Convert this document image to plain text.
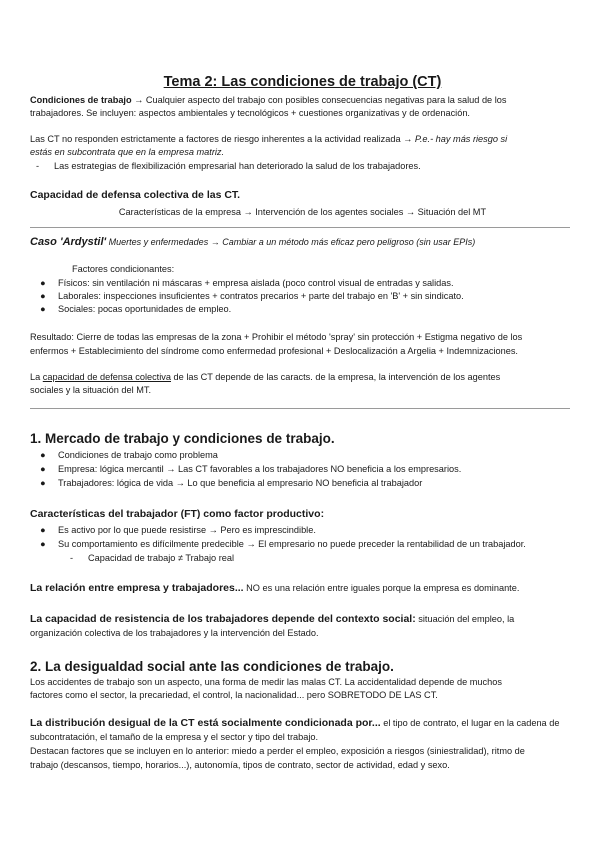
Tema 2: Las condiciones de trabajo (CT)
Condiciones de trabajo → Cualquier aspecto del trabajo con posibles consecuencias negativas para la salud de los
trabajadores. Se incluyen: aspectos ambientales y tecnológicos + cuestiones organizativas y de ordenación.
Las CT no responden estrictamente a factores de riesgo inherentes a la actividad realizada → P.e.- hay más riesgo si
estás en subcontrata que en la empresa matriz.
- Las estrategias de flexibilización empresarial han deteriorado la salud de los trabajadores.
Capacidad de defensa colectiva de las CT.
Características de la empresa → Intervención de los agentes sociales → Situación del MT
Caso 'Ardystil' Muertes y enfermedades → Cambiar a un método más eficaz pero peligroso (sin usar EPIs)
Factores condicionantes:
● Físicos: sin ventilación ni máscaras + empresa aislada (poco control visual de entradas y salidas.
● Laborales: inspecciones insuficientes + contratos precarios + parte del trabajo en 'B' + sin sindicato.
● Sociales: pocas oportunidades de empleo.
Resultado: Cierre de todas las empresas de la zona + Prohibir el método 'spray' sin protección + Estigma negativo de los
enfermos + Establecimiento del síndrome como enfermedad profesional + Deslocalización a Argelia + Indemnizaciones.
La capacidad de defensa colectiva de las CT depende de las caracts. de la empresa, la intervención de los agentes
sociales y la situación del MT.
1. Mercado de trabajo y condiciones de trabajo.
● Condiciones de trabajo como problema
● Empresa: lógica mercantil → Las CT favorables a los trabajadores NO beneficia a los empresarios.
● Trabajadores: lógica de vida → Lo que beneficia al empresario NO beneficia al trabajador
Características del trabajador (FT) como factor productivo:
● Es activo por lo que puede resistirse → Pero es imprescindible.
● Su comportamiento es difícilmente predecible → El empresario no puede preceder la rentabilidad de un trabajador.
- Capacidad de trabajo ≠ Trabajo real
La relación entre empresa y trabajadores... NO es una relación entre iguales porque la empresa es dominante.
La capacidad de resistencia de los trabajadores depende del contexto social: situación del empleo, la
organización colectiva de los trabajadores y la intervención del Estado.
2. La desigualdad social ante las condiciones de trabajo.
Los accidentes de trabajo son un aspecto, una forma de medir las malas CT. La accidentalidad depende de muchos
factores como el sector, la precariedad, el control, la nacionalidad... pero SOBRETODO DE LAS CT.
La distribución desigual de la CT está socialmente condicionada por... el tipo de contrato, el lugar en la cadena de
subcontratación, el tamaño de la empresa y el sector y tipo del trabajo.
Destacan factores que se incluyen en lo anterior: miedo a perder el empleo, exposición a riesgos (siniestralidad), ritmo de
trabajo (descansos, tiempo, horarios...), autonomía, tipos de contrato, sector de actividad, edad y sexo.
